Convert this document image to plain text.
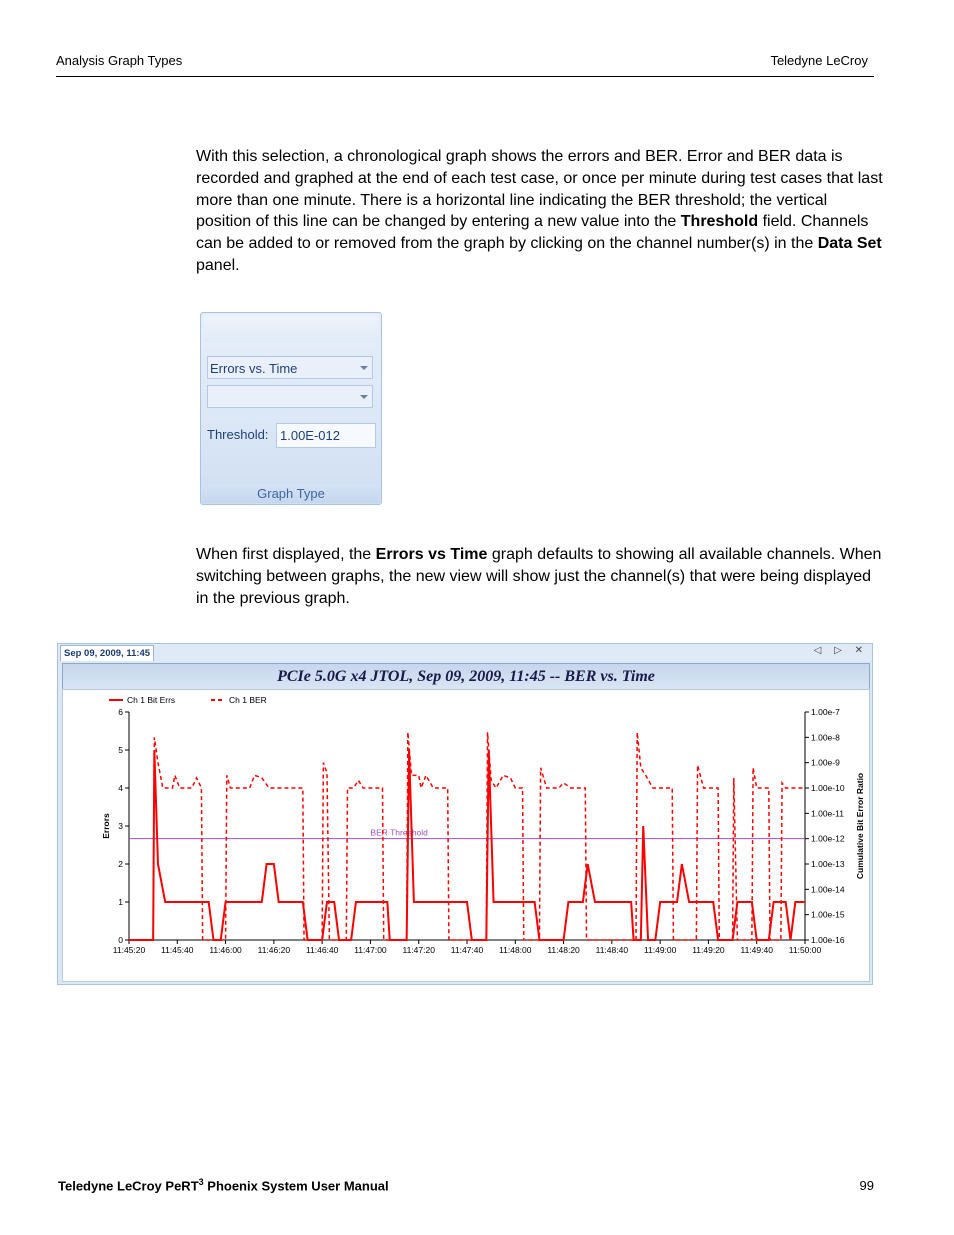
Analysis Graph Types	Teledyne LeCroy

With this selection, a chronological graph shows the errors and BER. Error and BER data is recorded and graphed at the end of each test case, or once per minute during test cases that last more than one minute. There is a horizontal line indicating the BER threshold; the vertical position of this line can be changed by entering a new value into the Threshold field. Channels can be added to or removed from the graph by clicking on the channel number(s) in the Data Set panel.

Errors vs. Time
Threshold: 1.00E-012
Graph Type

When first displayed, the Errors vs Time graph defaults to showing all available channels. When switching between graphs, the new view will show just the channel(s) that were being displayed in the previous graph.

Sep 09, 2009, 11:45	◁ ▷ ✕
PCIe 5.0G x4 JTOL, Sep 09, 2009, 11:45 -- BER vs. Time
0
1
2
3
4
5
6	1.00e-7
1.00e-8
1.00e-9
1.00e-10
1.00e-11
1.00e-12
1.00e-13
1.00e-14
1.00e-15
1.00e-16
11:45:20 11:45:40 11:46:00 11:46:20 11:46:40 11:47:00 11:47:20 11:47:40 11:48:00 11:48:20 11:48:40 11:49:00 11:49:20 11:49:40 11:50:00
Errors	Cumulative Bit Error Ratio
BER Threshold
Ch 1 Bit Errs	Ch 1 BER
Teledyne LeCroy PeRT$^3$ Phoenix System User Manual	99
